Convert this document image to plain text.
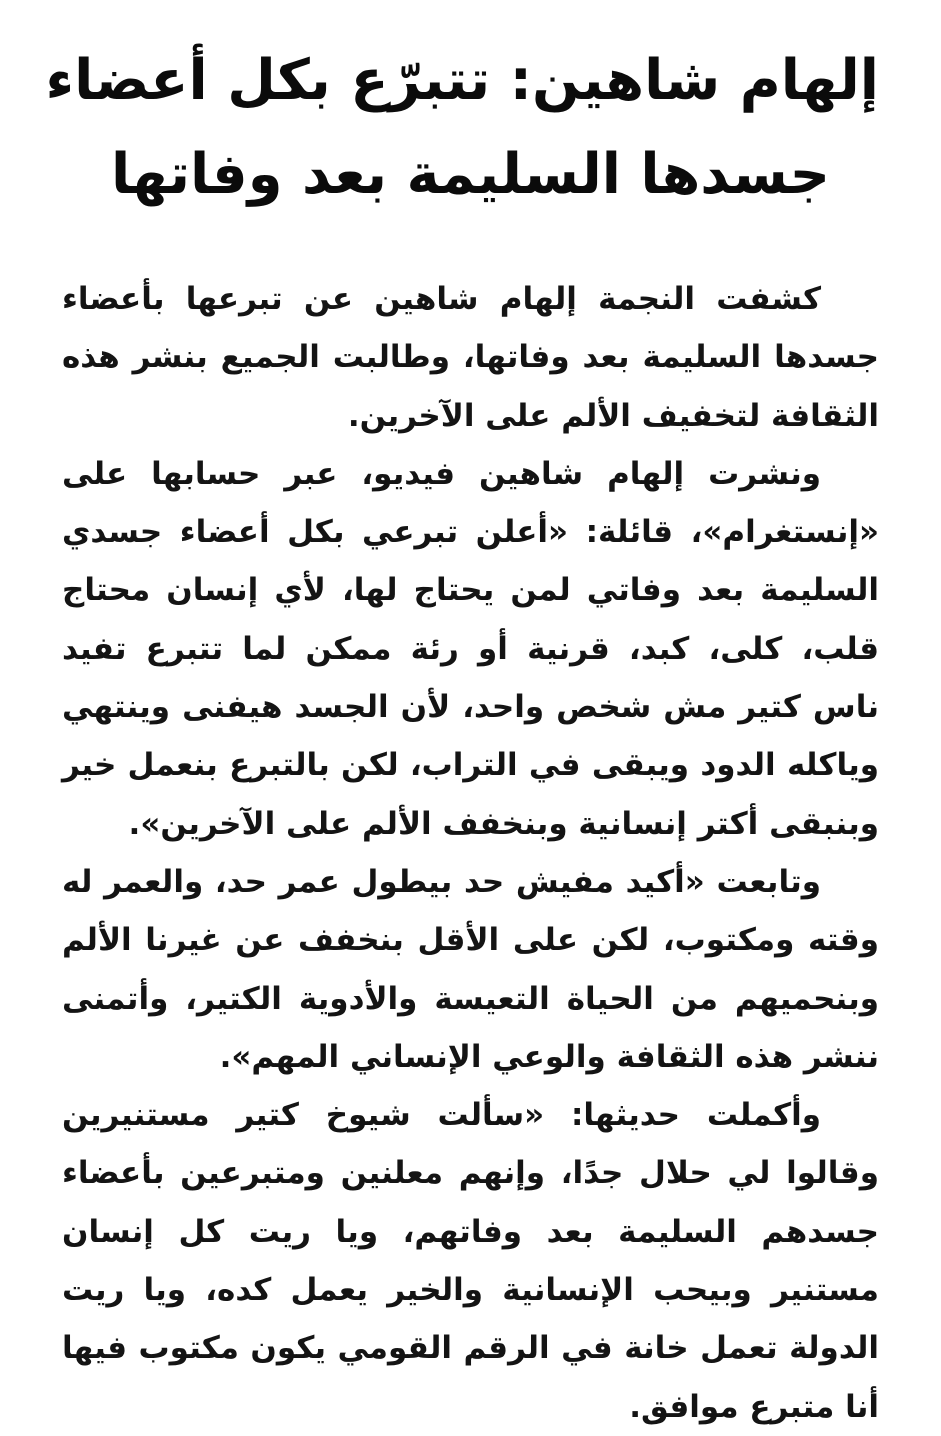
إلهام شاهين: تتبرّع بكل أعضاء
جسدها السليمة بعد وفاتها

كشفت النجمة إلهام شاهين عن تبرعها بأعضاء جسدها السليمة بعد وفاتها، وطالبت الجميع بنشر هذه الثقافة لتخفيف الألم على الآخرين.

ونشرت إلهام شاهين فيديو، عبر حسابها على «إنستغرام»، قائلة: «أعلن تبرعي بكل أعضاء جسدي السليمة بعد وفاتي لمن يحتاج لها، لأي إنسان محتاج قلب، كلى، كبد، قرنية أو رئة ممكن لما تتبرع تفيد ناس كتير مش شخص واحد، لأن الجسد هيفنى وينتهي وياكله الدود ويبقى في التراب، لكن بالتبرع بنعمل خير وبنبقى أكتر إنسانية وبنخفف الألم على الآخرين».

وتابعت «أكيد مفيش حد بيطول عمر حد، والعمر له وقته ومكتوب، لكن على الأقل بنخفف عن غيرنا الألم وبنحميهم من الحياة التعيسة والأدوية الكتير، وأتمنى ننشر هذه الثقافة والوعي الإنساني المهم».

وأكملت حديثها: «سألت شيوخ كتير مستنيرين وقالوا لي حلال جدًا، وإنهم معلنين ومتبرعين بأعضاء جسدهم السليمة بعد وفاتهم، ويا ريت كل إنسان مستنير وبيحب الإنسانية والخير يعمل كده، ويا ريت الدولة تعمل خانة في الرقم القومي يكون مكتوب فيها أنا متبرع موافق.
